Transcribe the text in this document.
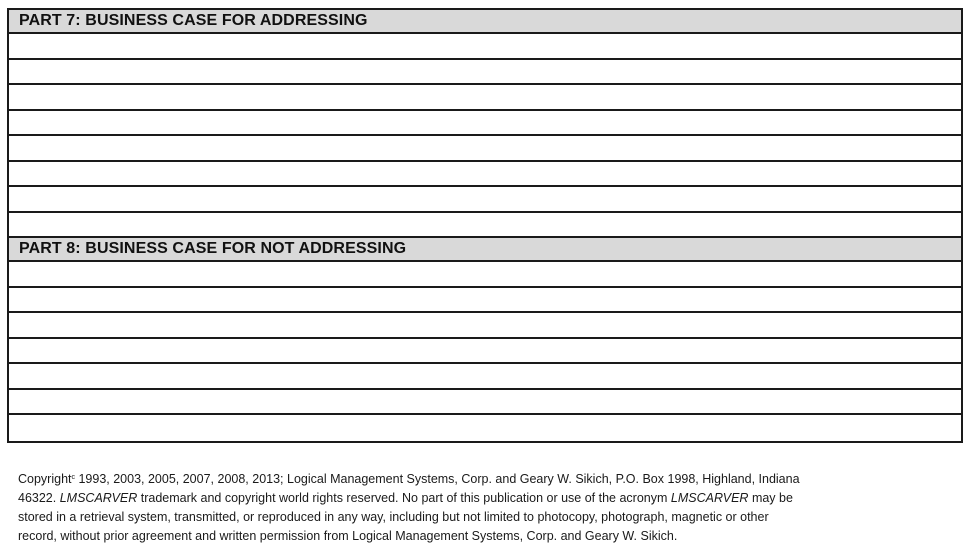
PART 7: BUSINESS CASE FOR ADDRESSING
PART 8: BUSINESS CASE FOR NOT ADDRESSING

Copyright$^c$ 1993, 2003, 2005, 2007, 2008, 2013; Logical Management Systems, Corp. and Geary W. Sikich, P.O. Box 1998, Highland, Indiana

46322. LMSCARVER trademark and copyright world rights reserved. No part of this publication or use of the acronym LMSCARVER may be

stored in a retrieval system, transmitted, or reproduced in any way, including but not limited to photocopy, photograph, magnetic or other

record, without prior agreement and written permission from Logical Management Systems, Corp. and Geary W. Sikich.
